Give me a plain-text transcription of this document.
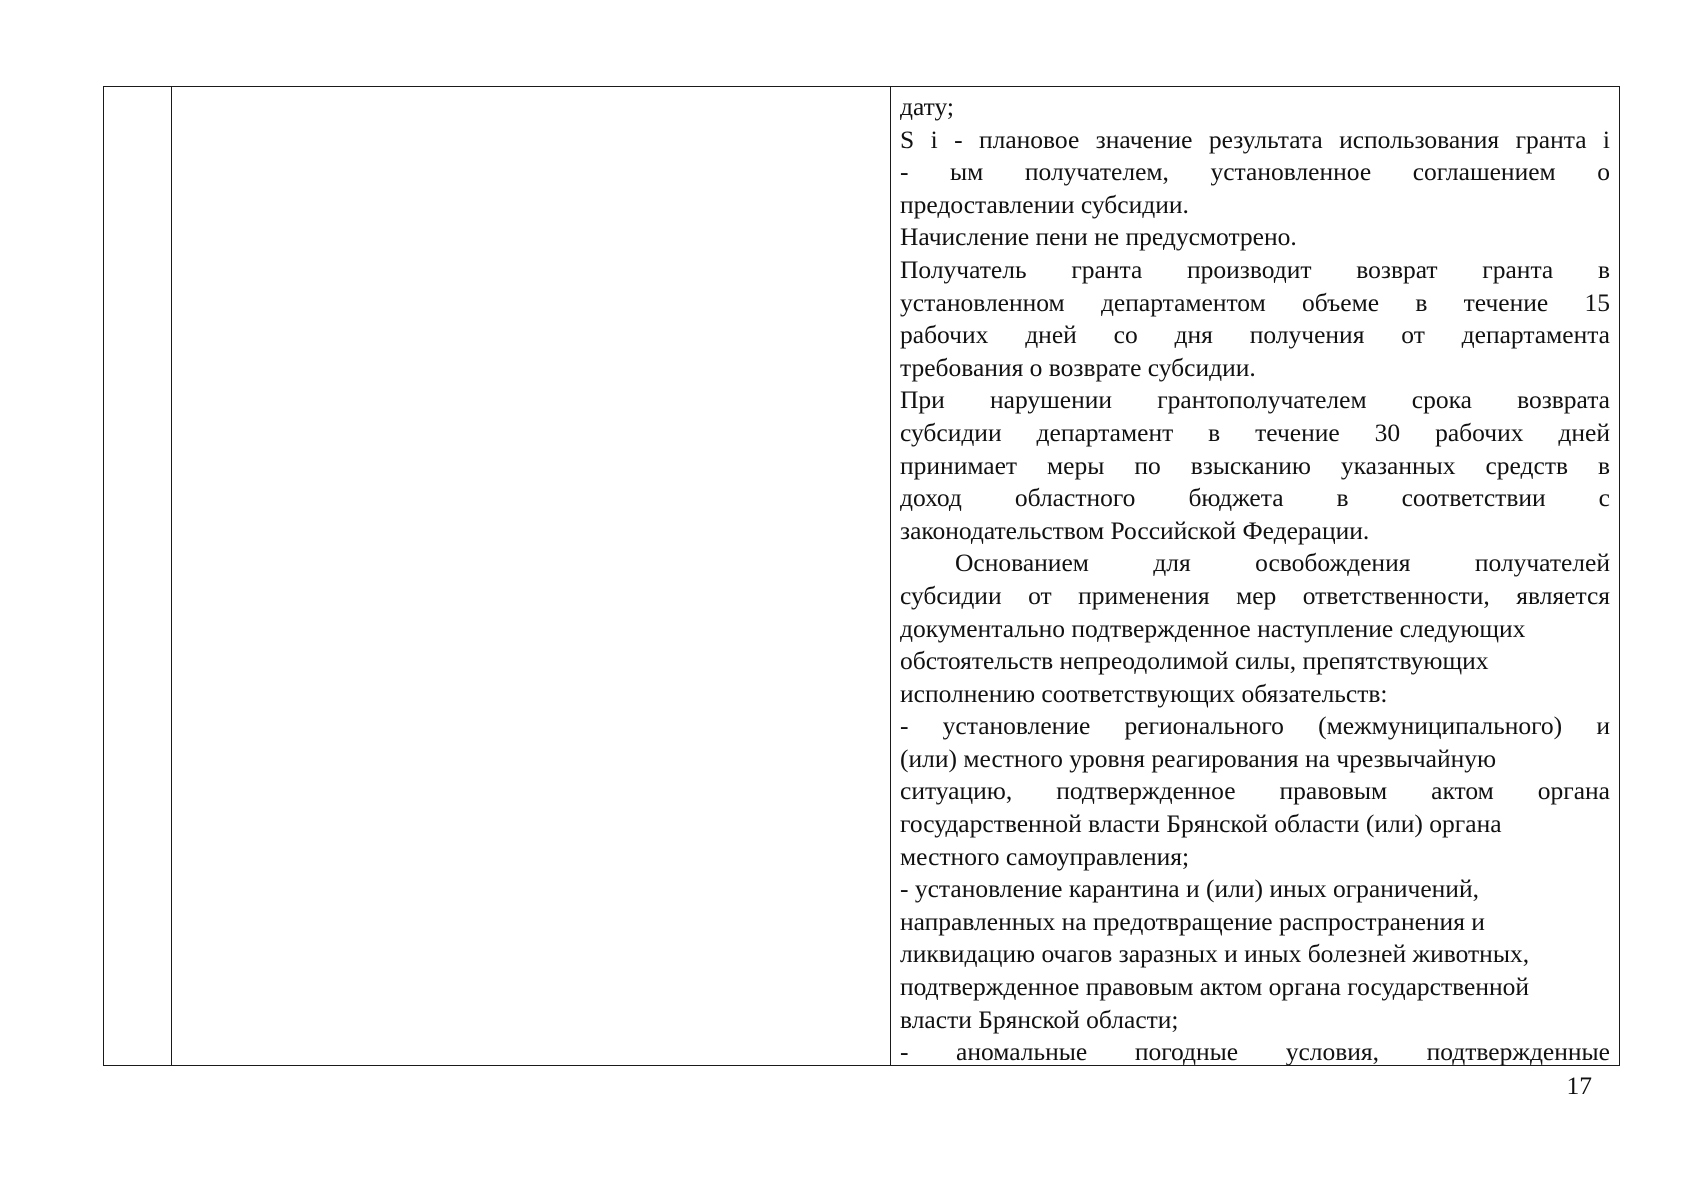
дату;
S i - плановое значение результата использования гранта i
- ым получателем, установленное соглашением о
предоставлении субсидии.
Начисление пени не предусмотрено.
Получатель гранта производит возврат гранта в
установленном департаментом объеме в течение 15
рабочих дней со дня получения от департамента
требования о возврате субсидии.
При нарушении грантополучателем срока возврата
субсидии департамент в течение 30 рабочих дней
принимает меры по взысканию указанных средств в
доход областного бюджета в соответствии с
законодательством Российской Федерации.
Основанием для освобождения получателей
субсидии от применения мер ответственности, является
документально подтвержденное наступление следующих
обстоятельств непреодолимой силы, препятствующих
исполнению соответствующих обязательств:
- установление регионального (межмуниципального) и
(или) местного уровня реагирования на чрезвычайную
ситуацию, подтвержденное правовым актом органа
государственной власти Брянской области (или) органа
местного самоуправления;
- установление карантина и (или) иных ограничений,
направленных на предотвращение распространения и
ликвидацию очагов заразных и иных болезней животных,
подтвержденное правовым актом органа государственной
власти Брянской области;
- аномальные погодные условия, подтвержденные
17
